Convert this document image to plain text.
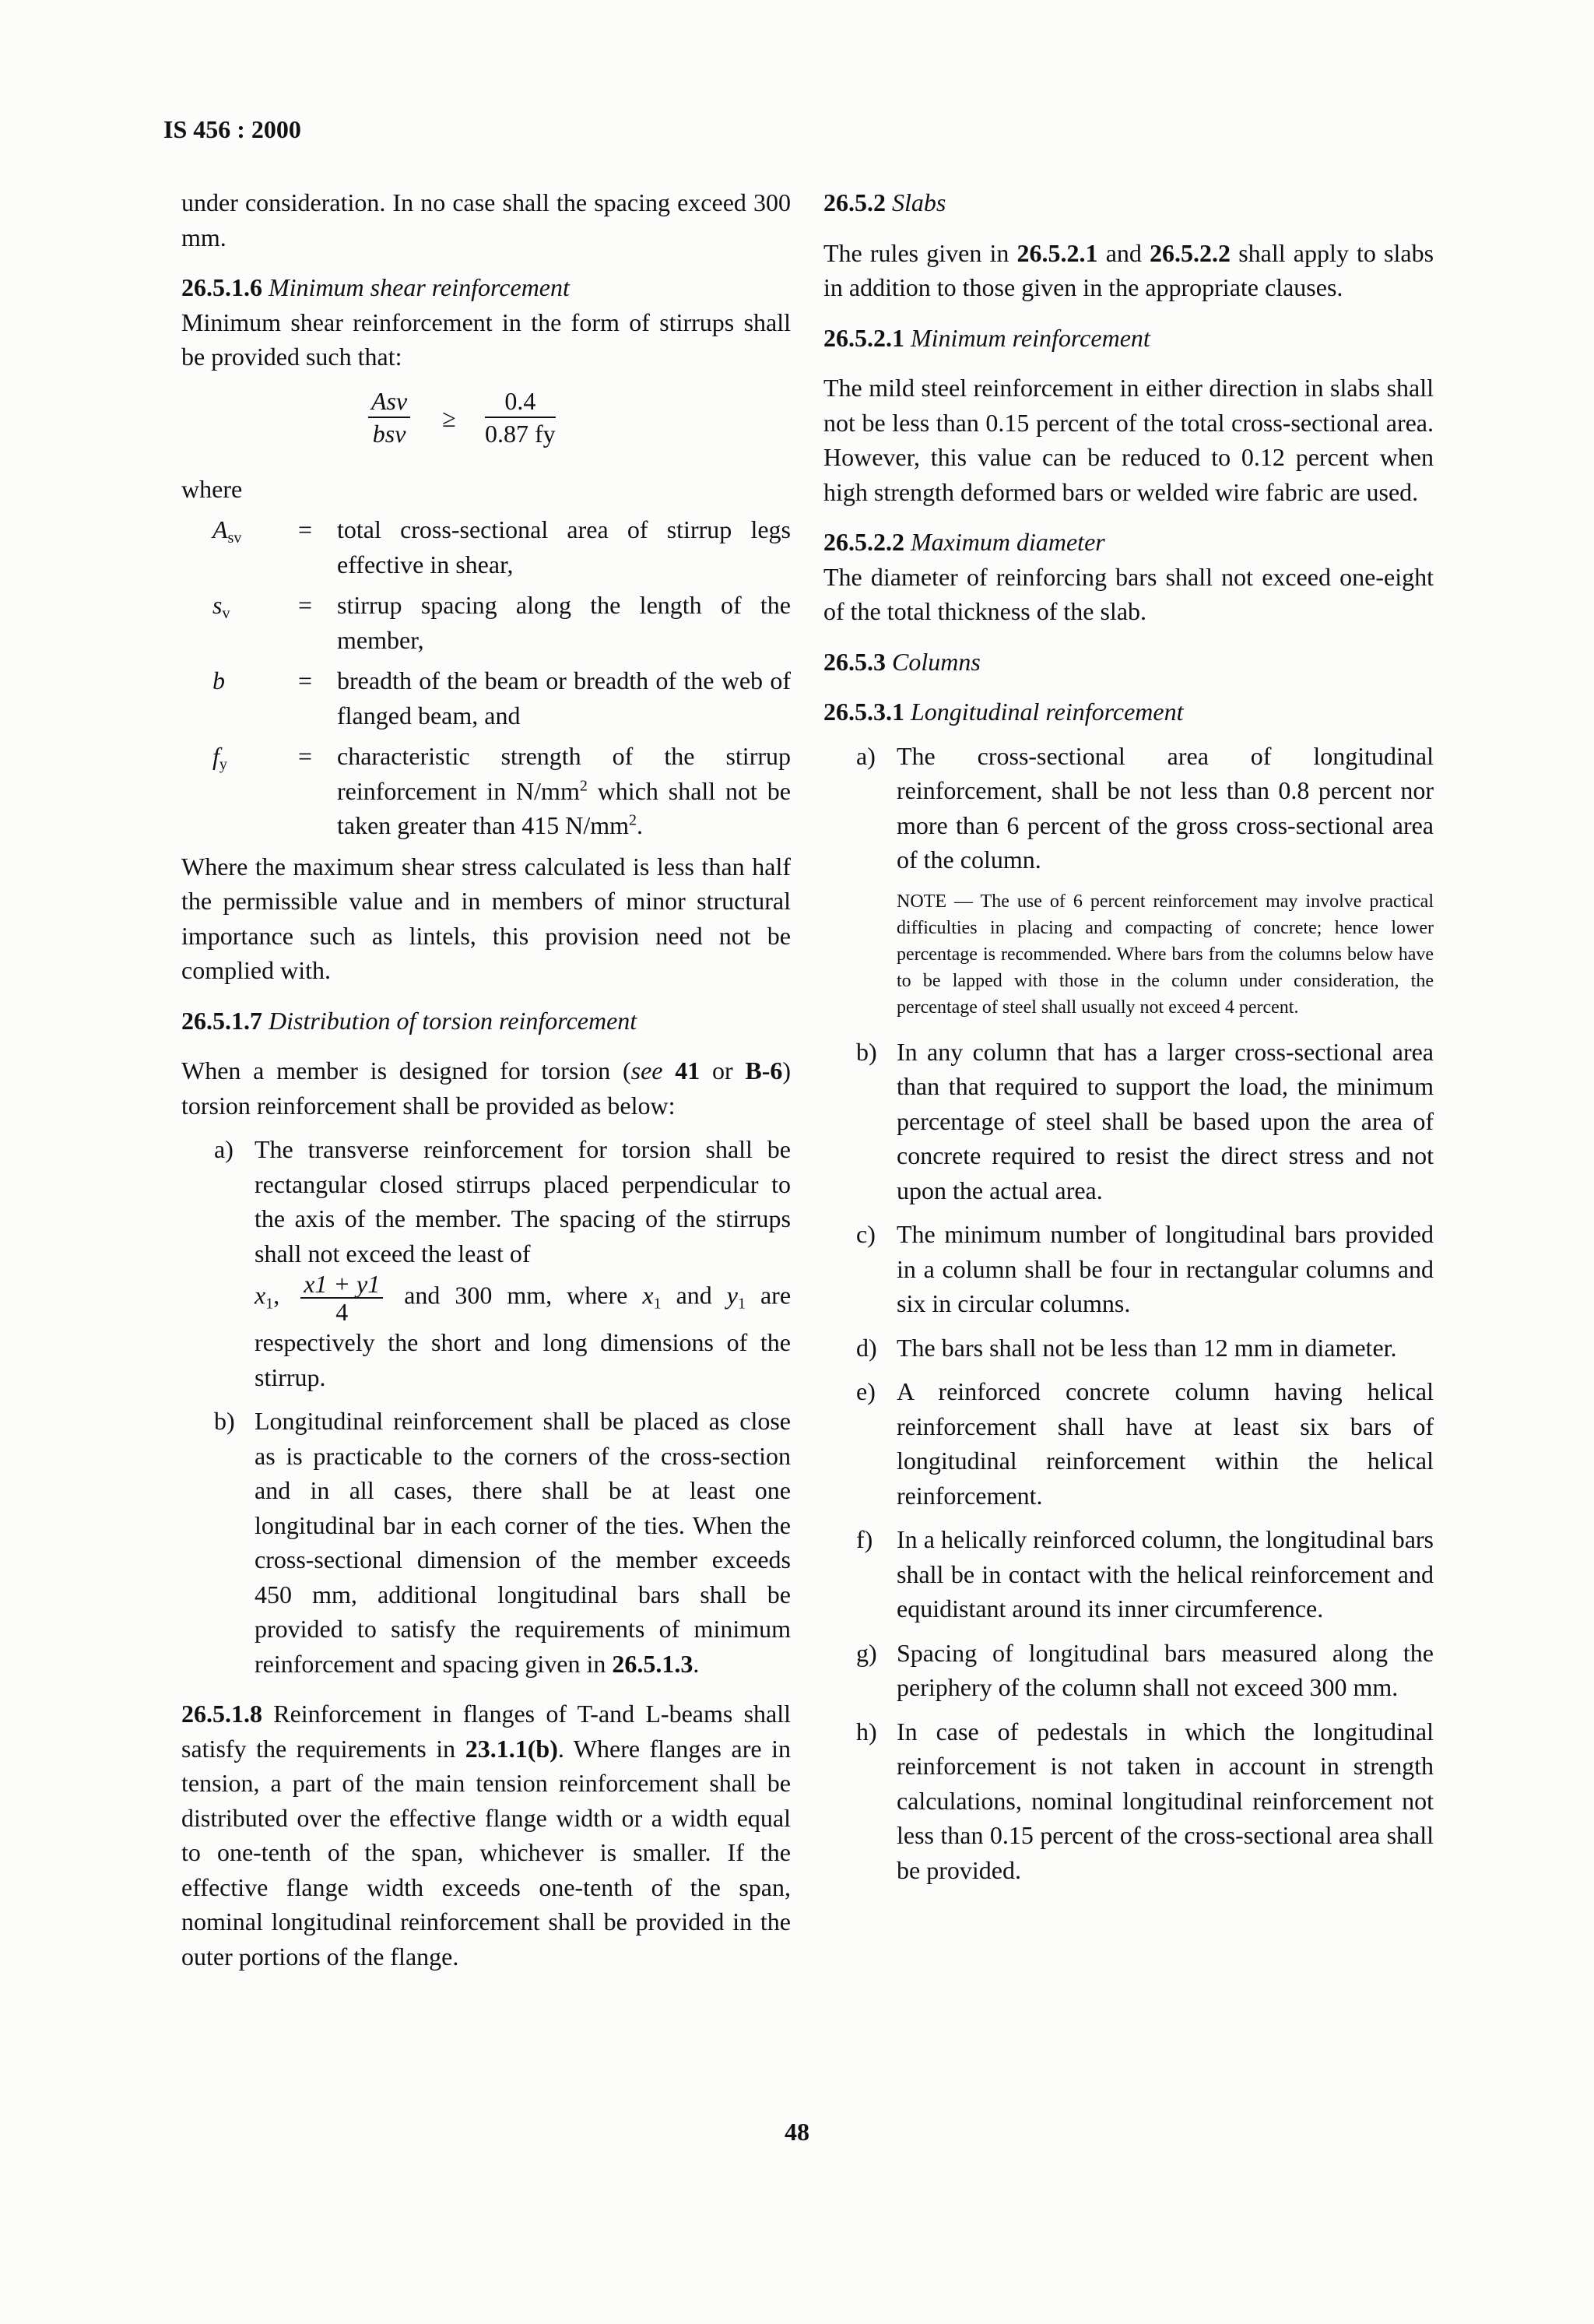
IS 456 : 2000

under consideration. In no case shall the spacing exceed 300 mm.

26.5.1.6 Minimum shear reinforcement

Minimum shear reinforcement in the form of stirrups shall be provided such that:

Asv
bsv
≥ $\frac{0.4}{0.87 fy}$

where

$A_{sv}$ = total cross-sectional area of stirrup legs effective in shear,
$s_v$	= stirrup spacing along the length of the member,
b	= breadth of the beam or breadth of the web of flanged beam, and
$f_y$	= characteristic strength of the stirrup reinforcement in $N/mm^2$ which shall not be taken greater than 415 $N/mm^2$.

Where the maximum shear stress calculated is less than half the permissible value and in members of minor structural importance such as lintels, this provision need not be complied with.

26.5.1.7 Distribution of torsion reinforcement

When a member is designed for torsion (see 41 or B-6) torsion reinforcement shall be provided as below:

a) The transverse reinforcement for torsion shall be rectangular closed stirrups placed perpendicular to the axis of the member. The spacing of the stirrups shall not exceed the least of
$x_1$, $\frac{x1 + y1}{4}$ and 300 mm, where $x_1$ and $y_1$ are respectively the short and long dimensions of the stirrup.
b) Longitudinal reinforcement shall be placed as close as is practicable to the corners of the cross-section and in all cases, there shall be at least one longitudinal bar in each corner of the ties. When the cross-sectional dimension of the member exceeds 450 mm, additional longitudinal bars shall be provided to satisfy the requirements of minimum reinforcement and spacing given in 26.5.1.3.

26.5.1.8 Reinforcement in flanges of T-and L-beams shall satisfy the requirements in 23.1.1(b). Where flanges are in tension, a part of the main tension reinforcement shall be distributed over the effective flange width or a width equal to one-tenth of the span, whichever is smaller. If the effective flange width exceeds one-tenth of the span, nominal longitudinal reinforcement shall be provided in the outer portions of the flange.

26.5.2 Slabs

The rules given in 26.5.2.1 and 26.5.2.2 shall apply to slabs in addition to those given in the appropriate clauses.

26.5.2.1 Minimum reinforcement

The mild steel reinforcement in either direction in slabs shall not be less than 0.15 percent of the total cross-sectional area. However, this value can be reduced to 0.12 percent when high strength deformed bars or welded wire fabric are used.

26.5.2.2 Maximum diameter

The diameter of reinforcing bars shall not exceed one-eight of the total thickness of the slab.

26.5.3 Columns

26.5.3.1 Longitudinal reinforcement

a) The cross-sectional area of longitudinal reinforcement, shall be not less than 0.8 percent nor more than 6 percent of the gross cross-sectional area of the column.

NOTE — The use of 6 percent reinforcement may involve practical difficulties in placing and compacting of concrete; hence lower percentage is recommended. Where bars from the columns below have to be lapped with those in the column under consideration, the percentage of steel shall usually not exceed 4 percent.

b) In any column that has a larger cross-sectional area than that required to support the load, the minimum percentage of steel shall be based upon the area of concrete required to resist the direct stress and not upon the actual area.
c) The minimum number of longitudinal bars provided in a column shall be four in rectangular columns and six in circular columns.
d) The bars shall not be less than 12 mm in diameter.
e) A reinforced concrete column having helical reinforcement shall have at least six bars of longitudinal reinforcement within the helical reinforcement.
f) In a helically reinforced column, the longitudinal bars shall be in contact with the helical reinforcement and equidistant around its inner circumference.
g) Spacing of longitudinal bars measured along the periphery of the column shall not exceed 300 mm.
h) In case of pedestals in which the longitudinal reinforcement is not taken in account in strength calculations, nominal longitudinal reinforcement not less than 0.15 percent of the cross-sectional area shall be provided.
48
